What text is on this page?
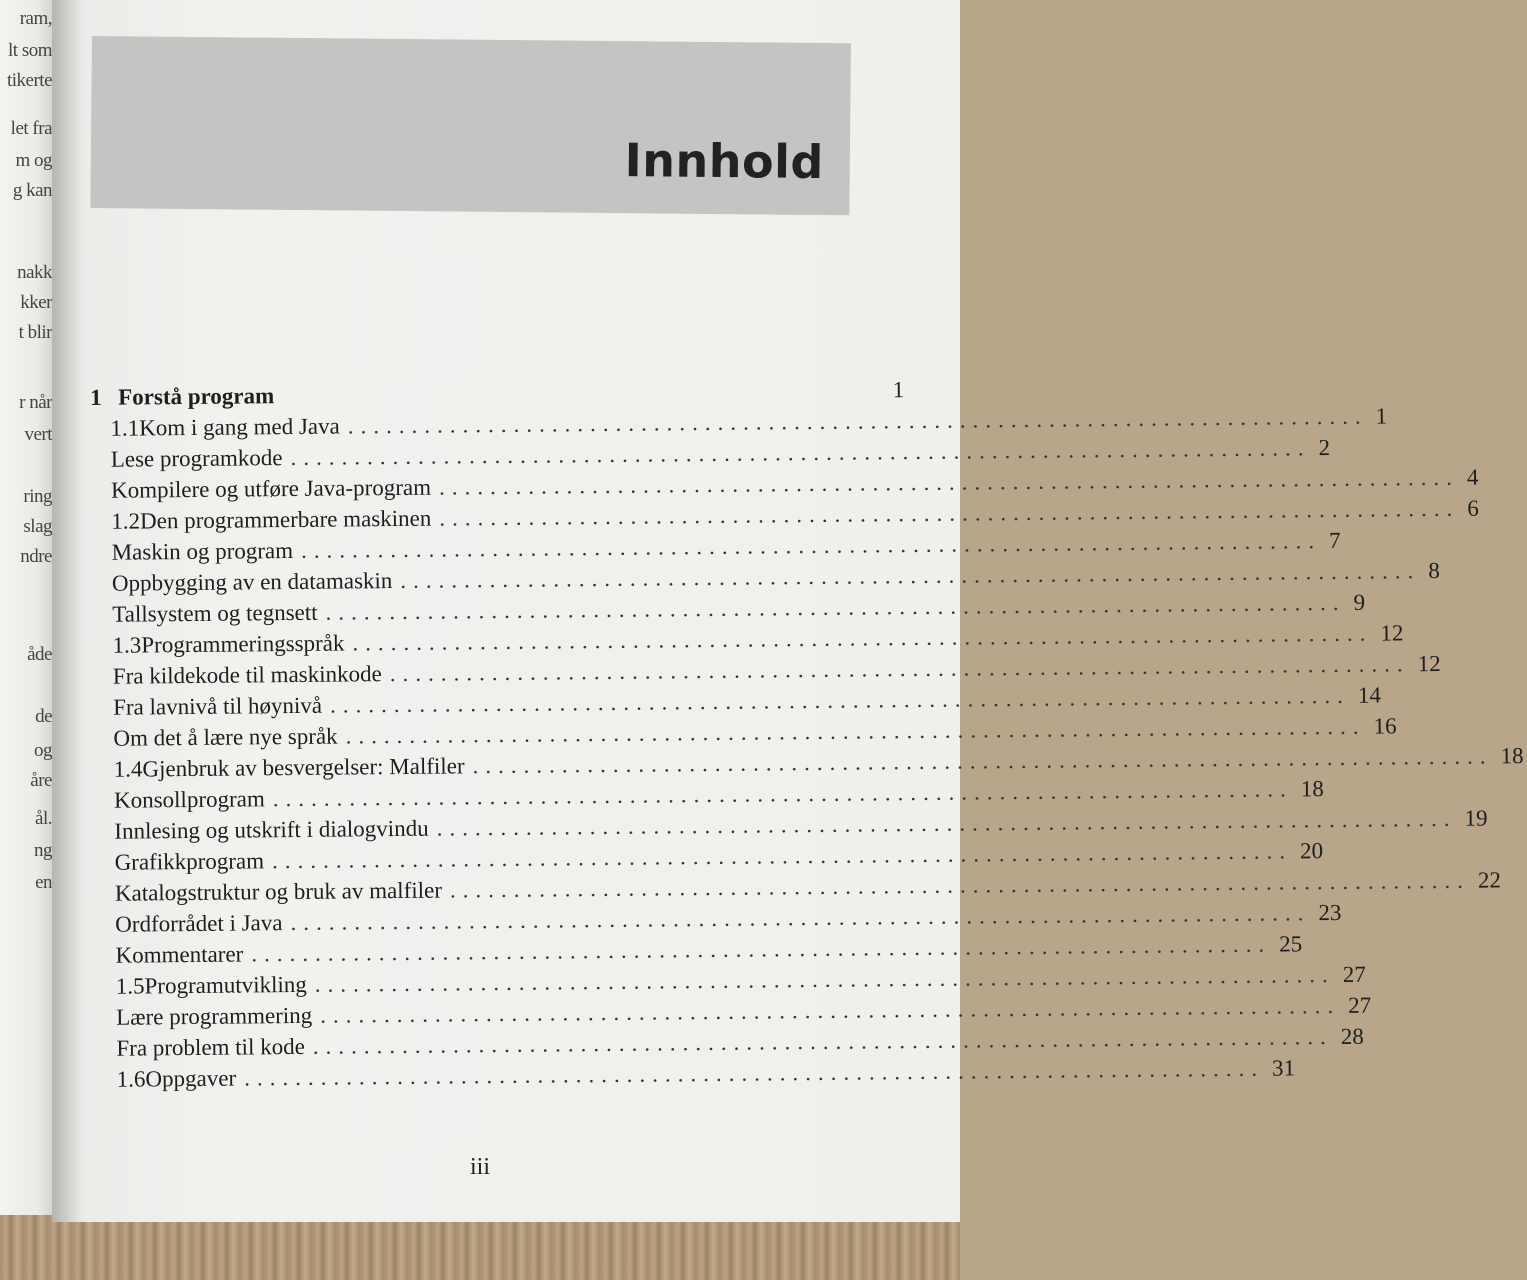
ram,
lt som
tikerte
let fra
m og
g kan
nakk
kker
t blir
r når
vert
ring
slag
ndre
åde
de
og
åre
ål.
ng
en
Innhold
1 Forstå program	1
1.1 Kom i gang med Java ................................................................................ 1
Lese programkode ................................................................................ 2
Kompilere og utføre Java-program ................................................................................ 4
1.2 Den programmerbare maskinen ................................................................................ 6
Maskin og program ................................................................................ 7
Oppbygging av en datamaskin ................................................................................ 8
Tallsystem og tegnsett ................................................................................ 9
1.3 Programmeringsspråk ................................................................................ 12
Fra kildekode til maskinkode ................................................................................ 12
Fra lavnivå til høynivå ................................................................................ 14
Om det å lære nye språk ................................................................................ 16
1.4 Gjenbruk av besvergelser: Malfiler ................................................................................ 18
Konsollprogram ................................................................................ 18
Innlesing og utskrift i dialogvindu ................................................................................ 19
Grafikkprogram ................................................................................ 20
Katalogstruktur og bruk av malfiler ................................................................................ 22
Ordforrådet i Java ................................................................................ 23
Kommentarer ................................................................................ 25
1.5 Programutvikling ................................................................................ 27
Lære programmering ................................................................................ 27
Fra problem til kode ................................................................................ 28
1.6 Oppgaver ................................................................................ 31
iii
